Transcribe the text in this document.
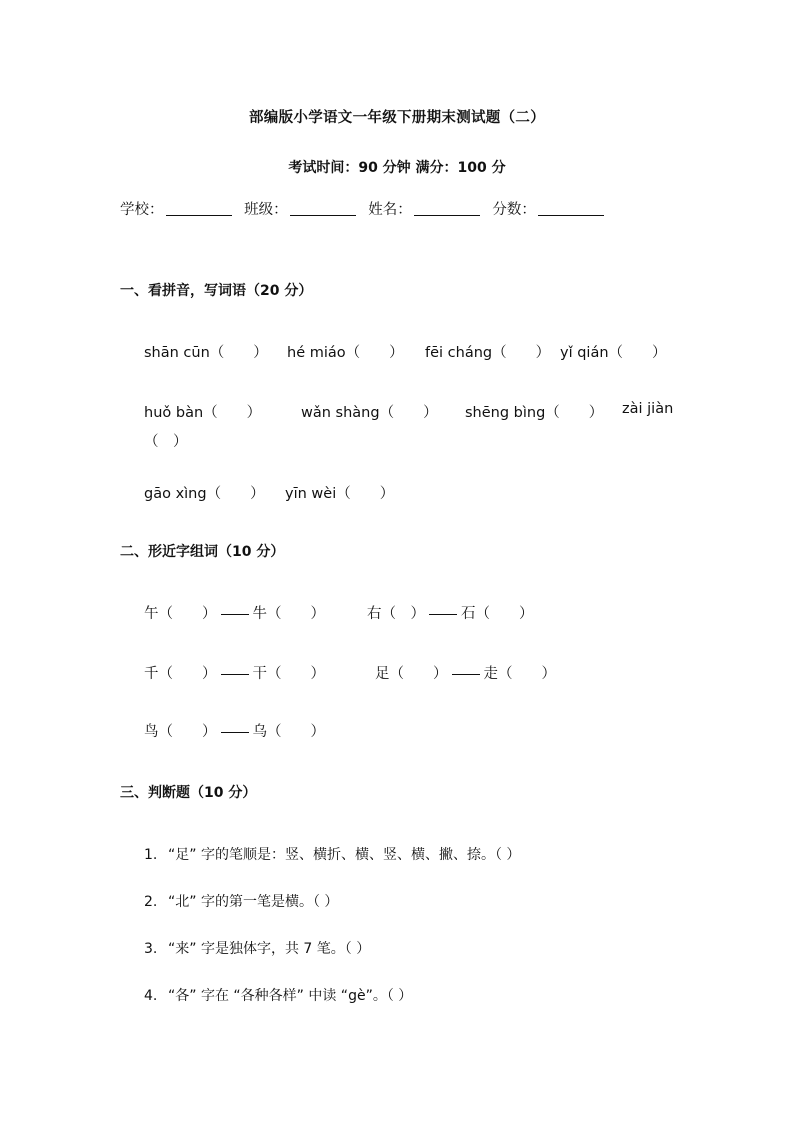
部编版小学语文一年级下册期末测试题（二）
考试时间：90 分钟 满分：100 分
学校：	班级：	姓名：	分数：
一、看拼音，写词语（20 分）
shān cūn（　　） hé miáo（　　） fēi cháng（　　） yǐ qián（　　）
huǒ bàn（　　）	wǎn shàng（　　） shēng bìng（　　） zài jiàn
（　）
gāo xìng（　　） yīn wèi（　　）
二、形近字组词（10 分）
午（　　） 牛（　　）	右（　） 石（　　）
千（　　） 干（　　）	足（　　） 走（　　）
鸟（　　） 乌（　　）
三、判断题（10 分）
1. “足” 字的笔顺是：竖、横折、横、竖、横、撇、捺。（ ）
2. “北” 字的第一笔是横。（ ）
3. “来” 字是独体字，共 7 笔。（ ）
4. “各” 字在 “各种各样” 中读 “gè”。（ ）
